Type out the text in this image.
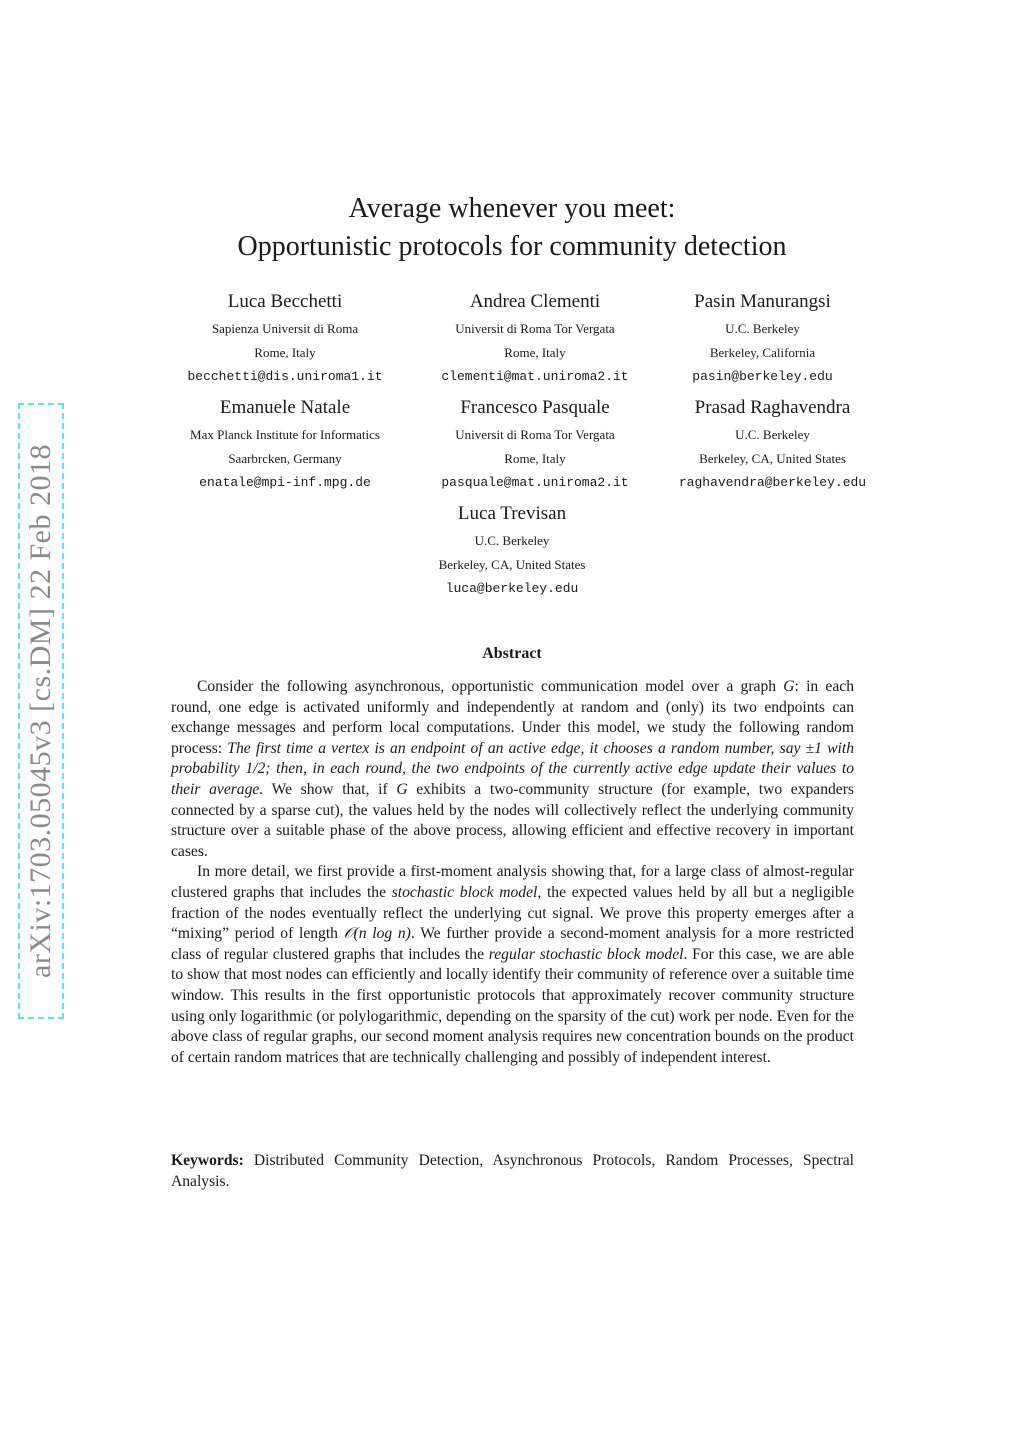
arXiv:1703.05045v3 [cs.DM] 22 Feb 2018
Average whenever you meet:
Opportunistic protocols for community detection
Luca Becchetti
Sapienza Universit di Roma
Rome, Italy
becchetti@dis.uniroma1.it
Andrea Clementi
Universit di Roma Tor Vergata
Rome, Italy
clementi@mat.uniroma2.it
Pasin Manurangsi
U.C. Berkeley
Berkeley, California
pasin@berkeley.edu
Emanuele Natale
Max Planck Institute for Informatics
Saarbrcken, Germany
enatale@mpi-inf.mpg.de
Francesco Pasquale
Universit di Roma Tor Vergata
Rome, Italy
pasquale@mat.uniroma2.it
Prasad Raghavendra
U.C. Berkeley
Berkeley, CA, United States
raghavendra@berkeley.edu
Luca Trevisan
U.C. Berkeley
Berkeley, CA, United States
luca@berkeley.edu
Abstract

Consider the following asynchronous, opportunistic communication model over a graph G: in each round, one edge is activated uniformly and independently at random and (only) its two endpoints can exchange messages and perform local computations. Under this model, we study the following random process: The first time a vertex is an endpoint of an active edge, it chooses a random number, say ±1 with probability 1/2; then, in each round, the two endpoints of the currently active edge update their values to their average. We show that, if G exhibits a two-community structure (for example, two expanders connected by a sparse cut), the values held by the nodes will collectively reflect the underlying community structure over a suitable phase of the above process, allowing efficient and effective recovery in important cases.

In more detail, we first provide a first-moment analysis showing that, for a large class of almost-regular clustered graphs that includes the stochastic block model, the expected values held by all but a negligible fraction of the nodes eventually reflect the underlying cut signal. We prove this property emerges after a “mixing” period of length 𝒪(n log n). We further provide a second-moment analysis for a more restricted class of regular clustered graphs that includes the regular stochastic block model. For this case, we are able to show that most nodes can efficiently and locally identify their community of reference over a suitable time window. This results in the first opportunistic protocols that approximately recover community structure using only logarithmic (or polylogarithmic, depending on the sparsity of the cut) work per node. Even for the above class of regular graphs, our second moment analysis requires new concentration bounds on the product of certain random matrices that are technically challenging and possibly of independent interest.

Keywords: Distributed Community Detection, Asynchronous Protocols, Random Processes, Spectral Analysis.
